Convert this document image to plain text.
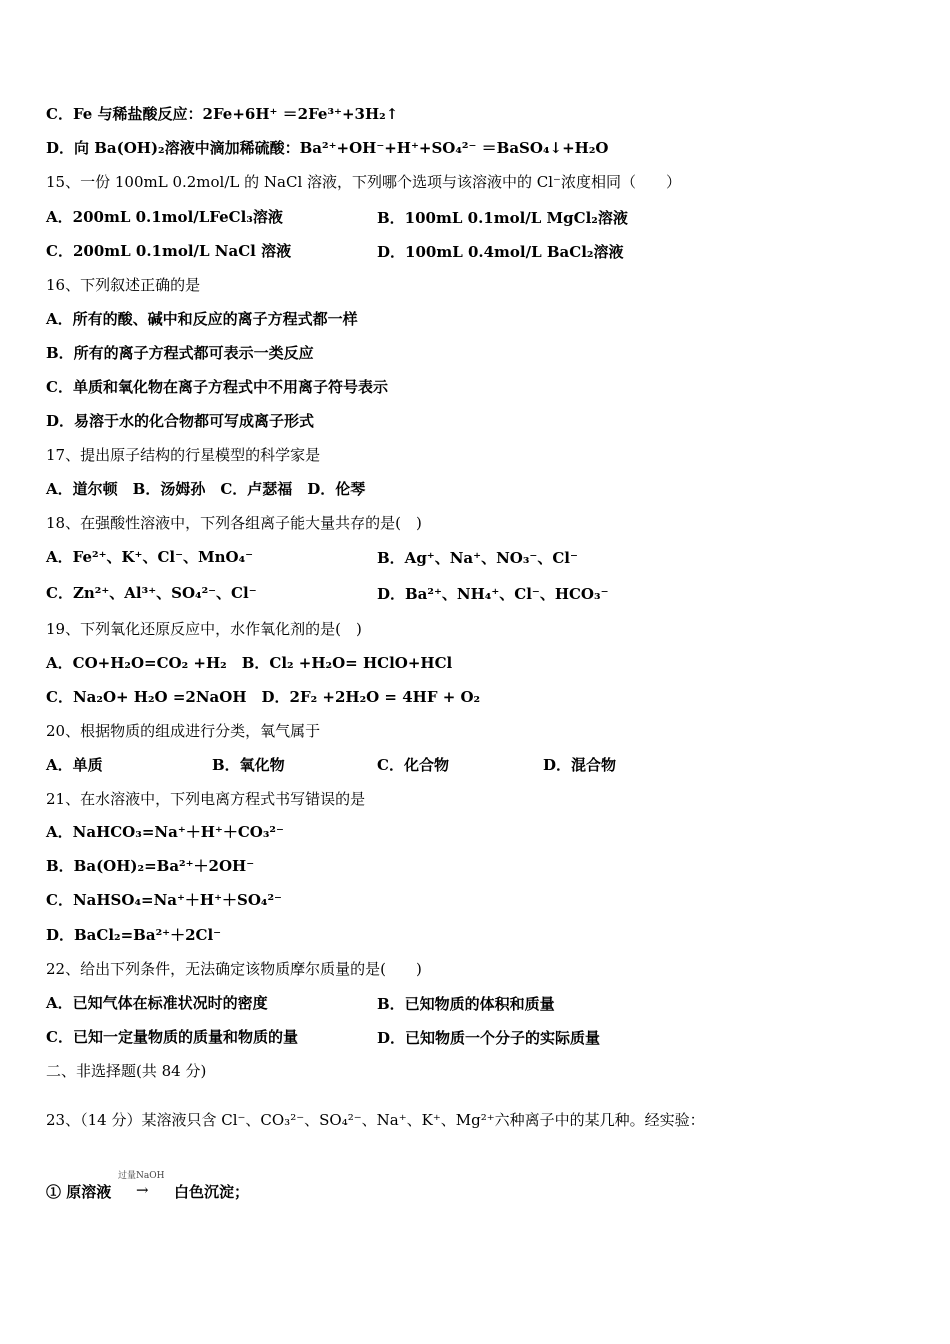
C．Fe 与稀盐酸反应：2Fe+6H⁺ ＝2Fe³⁺+3H₂↑
D．向 Ba(OH)₂溶液中滴加稀硫酸：Ba²⁺+OH⁻+H⁺+SO₄²⁻ ＝BaSO₄↓+H₂O
15、一份 100mL 0.2mol/L 的 NaCl 溶液，下列哪个选项与该溶液中的 Cl⁻浓度相同（　　）
A．200mL 0.1mol/LFeCl₃溶液	B．100mL 0.1mol/L MgCl₂溶液
C．200mL 0.1mol/L NaCl 溶液	D．100mL 0.4mol/L BaCl₂溶液
16、下列叙述正确的是
A．所有的酸、碱中和反应的离子方程式都一样
B．所有的离子方程式都可表示一类反应
C．单质和氧化物在离子方程式中不用离子符号表示
D．易溶于水的化合物都可写成离子形式
17、提出原子结构的行星模型的科学家是
A．道尔顿　B．汤姆孙　C．卢瑟福　D．伦琴
18、在强酸性溶液中，下列各组离子能大量共存的是(　)
A．Fe²⁺、K⁺、Cl⁻、MnO₄⁻	B．Ag⁺、Na⁺、NO₃⁻、Cl⁻
C．Zn²⁺、Al³⁺、SO₄²⁻、Cl⁻	D．Ba²⁺、NH₄⁺、Cl⁻、HCO₃⁻
19、下列氧化还原反应中，水作氧化剂的是(　)
A．CO+H₂O=CO₂ +H₂　B．Cl₂ +H₂O= HClO+HCl
C．Na₂O+ H₂O =2NaOH　D．2F₂ +2H₂O = 4HF + O₂
20、根据物质的组成进行分类，氧气属于
A．单质	B．氧化物	C．化合物	D．混合物
21、在水溶液中，下列电离方程式书写错误的是
A．NaHCO₃=Na⁺＋H⁺＋CO₃²⁻
B．Ba(OH)₂=Ba²⁺＋2OH⁻
C．NaHSO₄=Na⁺＋H⁺＋SO₄²⁻
D．BaCl₂=Ba²⁺＋2Cl⁻
22、给出下列条件，无法确定该物质摩尔质量的是(　　)
A．已知气体在标准状况时的密度	B．已知物质的体积和质量
C．已知一定量物质的质量和物质的量	D．已知物质一个分子的实际质量
二、非选择题(共 84 分)
23、（14 分）某溶液只含 Cl⁻、CO₃²⁻、SO₄²⁻、Na⁺、K⁺、Mg²⁺六种离子中的某几种。经实验：
① 原溶液
过量NaOH
→ 白色沉淀；
